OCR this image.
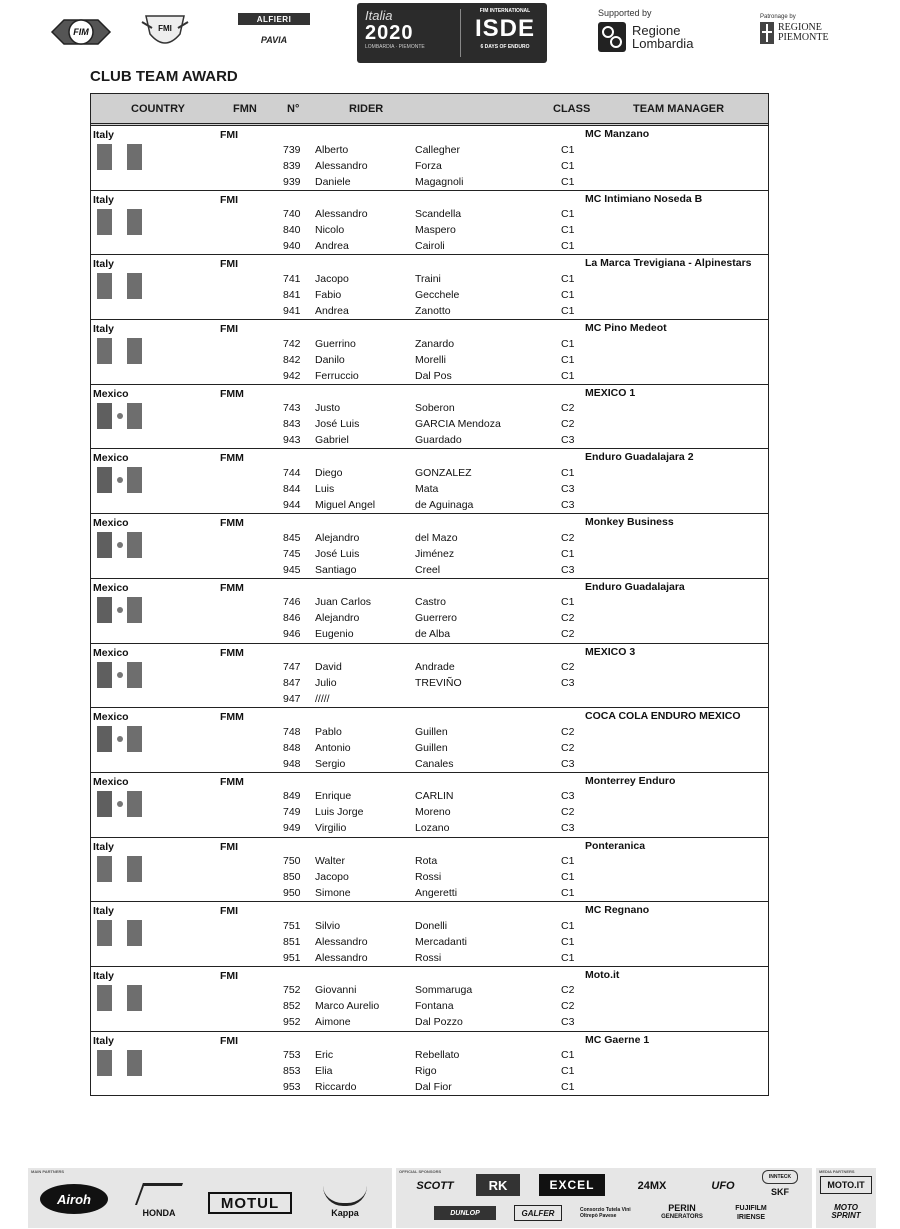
FIM	FMI
ALFIERI
PAVIA
Italia
2020
LOMBARDIA · PIEMONTE
FIM INTERNATIONAL
ISDE
6 DAYS OF ENDURO
Supported by
Regione
Lombardia
Patronage by
REGIONE
PIEMONTE
CLUB TEAM AWARD
COUNTRY	FMN	N°	RIDER	CLASS	TEAM MANAGER
Italy	FMI	MC Manzano
739 Alberto	Callegher	C1
839 Alessandro	Forza	C1
939 Daniele	Magagnoli	C1
Italy	FMI	MC Intimiano Noseda B
740 Alessandro	Scandella	C1
840 Nicolo	Maspero	C1
940 Andrea	Cairoli	C1
Italy	FMI	La Marca Trevigiana - Alpinestars
741 Jacopo	Traini	C1
841 Fabio	Gecchele	C1
941 Andrea	Zanotto	C1
Italy	FMI	MC Pino Medeot
742 Guerrino	Zanardo	C1
842 Danilo	Morelli	C1
942 Ferruccio	Dal Pos	C1
Mexico	FMM	MEXICO 1
743 Justo	Soberon	C2
843 José Luis	GARCIA Mendoza	C2
943 Gabriel	Guardado	C3
Mexico	FMM	Enduro Guadalajara 2
744 Diego	GONZALEZ	C1
844 Luis	Mata	C3
944 Miguel Angel	de Aguinaga	C3
Mexico	FMM	Monkey Business
845 Alejandro	del Mazo	C2
745 José Luis	Jiménez	C1
945 Santiago	Creel	C3
Mexico	FMM	Enduro Guadalajara
746 Juan Carlos	Castro	C1
846 Alejandro	Guerrero	C2
946 Eugenio	de Alba	C2
Mexico	FMM	MEXICO 3
747 David	Andrade	C2
847 Julio	TREVIÑO	C3
947 /////
Mexico	FMM	COCA COLA ENDURO MEXICO
748 Pablo	Guillen	C2
848 Antonio	Guillen	C2
948 Sergio	Canales	C3
Mexico	FMM	Monterrey Enduro
849 Enrique	CARLIN	C3
749 Luis Jorge	Moreno	C2
949 Virgilio	Lozano	C3
Italy	FMI	Ponteranica
750 Walter	Rota	C1
850 Jacopo	Rossi	C1
950 Simone	Angeretti	C1
Italy	FMI	MC Regnano
751 Silvio	Donelli	C1
851 Alessandro	Mercadanti	C1
951 Alessandro	Rossi	C1
Italy	FMI	Moto.it
752 Giovanni	Sommaruga	C2
852 Marco Aurelio	Fontana	C2
952 Aimone	Dal Pozzo	C3
Italy	FMI	MC Gaerne 1
753 Eric	Rebellato	C1
853 Elia	Rigo	C1
953 Riccardo	Dal Fior	C1
MAIN PARTNERS
Airoh
HONDA
MOTUL
Kappa
OFFICIAL SPONSORS
SCOTT	RK	EXCEL	24MX	UFO
INNTECK
SKF
DUNLOP	GALFER	Consorzio Tutela Vini Oltrepò Pavese
PERIN
GENERATORS
FUJIFILM
IRIENSE
MEDIA PARTNERS
MOTO.IT
MOTO SPRINT
